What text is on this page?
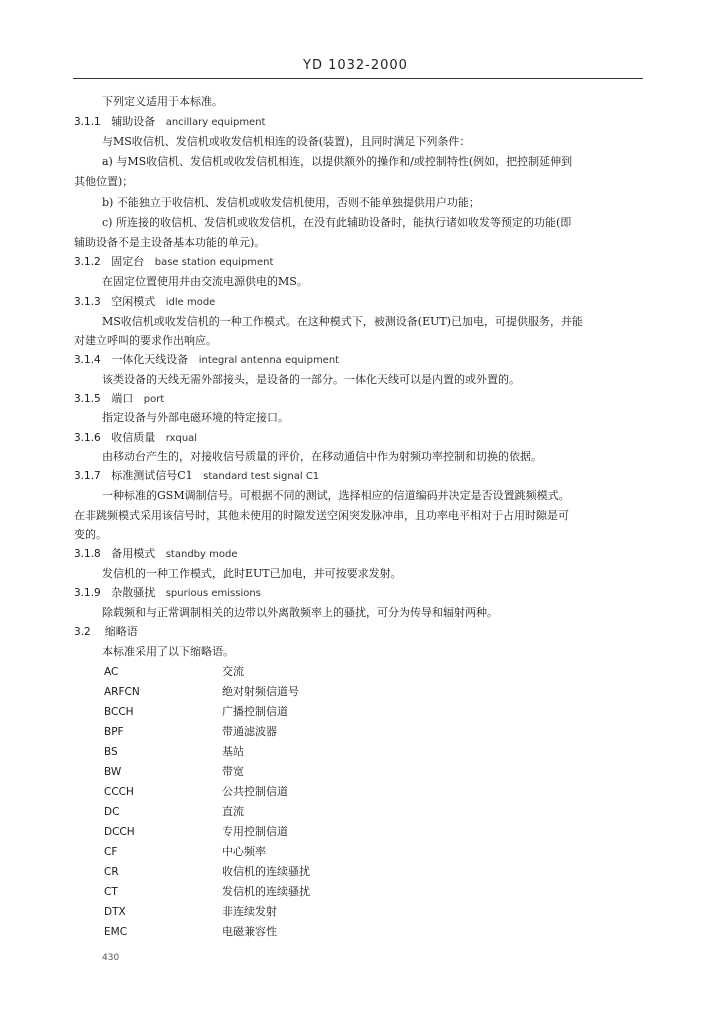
YD 1032-2000
下列定义适用于本标准。
3.1.1 辅助设备 ancillary equipment
与MS收信机、发信机或收发信机相连的设备(装置)，且同时满足下列条件：
a) 与MS收信机、发信机或收发信机相连，以提供额外的操作和/或控制特性(例如，把控制延伸到
其他位置)；
b) 不能独立于收信机、发信机或收发信机使用，否则不能单独提供用户功能；
c) 所连接的收信机、发信机或收发信机，在没有此辅助设备时，能执行诸如收发等预定的功能(即
辅助设备不是主设备基本功能的单元)。
3.1.2 固定台 base station equipment
在固定位置使用并由交流电源供电的MS。
3.1.3 空闲模式 idle mode
MS收信机或收发信机的一种工作模式。在这种模式下，被测设备(EUT)已加电，可提供服务，并能
对建立呼叫的要求作出响应。
3.1.4 一体化天线设备 integral antenna equipment
该类设备的天线无需外部接头，是设备的一部分。一体化天线可以是内置的或外置的。
3.1.5 端口 port
指定设备与外部电磁环境的特定接口。
3.1.6 收信质量 rxqual
由移动台产生的，对接收信号质量的评价，在移动通信中作为射频功率控制和切换的依据。
3.1.7 标准测试信号C1 standard test signal C1
一种标准的GSM调制信号。可根据不同的测试，选择相应的信道编码并决定是否设置跳频模式。
在非跳频模式采用该信号时，其他未使用的时隙发送空闲突发脉冲串，且功率电平相对于占用时隙是可
变的。
3.1.8 备用模式 standby mode
发信机的一种工作模式，此时EUT已加电，并可按要求发射。
3.1.9 杂散骚扰 spurious emissions
除载频和与正常调制相关的边带以外离散频率上的骚扰，可分为传导和辐射两种。
3.2 缩略语
本标准采用了以下缩略语。
AC	交流
ARFCN	绝对射频信道号
BCCH	广播控制信道
BPF	带通滤波器
BS	基站
BW	带宽
CCCH	公共控制信道
DC	直流
DCCH	专用控制信道
CF	中心频率
CR	收信机的连续骚扰
CT	发信机的连续骚扰
DTX	非连续发射
EMC	电磁兼容性
430
